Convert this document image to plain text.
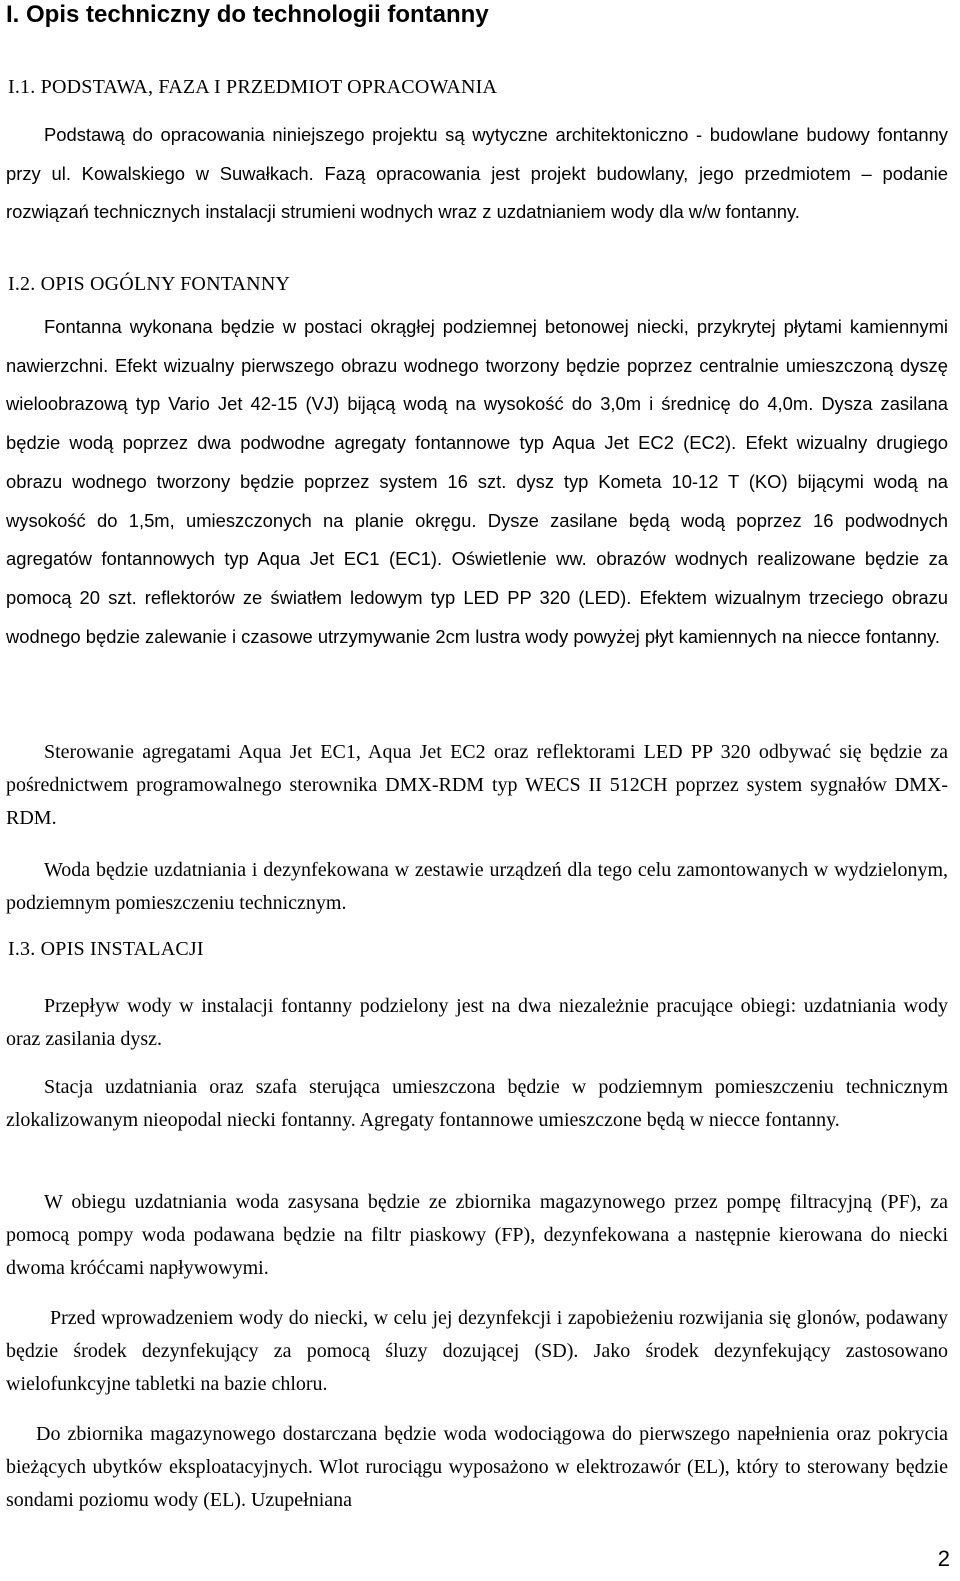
I. Opis techniczny do technologii fontanny
I.1. PODSTAWA, FAZA I PRZEDMIOT OPRACOWANIA

Podstawą do opracowania niniejszego projektu są wytyczne architektoniczno - budowlane budowy fontanny przy ul. Kowalskiego w Suwałkach. Fazą opracowania jest projekt budowlany, jego przedmiotem – podanie rozwiązań technicznych instalacji strumieni wodnych wraz z uzdatnianiem wody dla w/w fontanny.

I.2. OPIS OGÓLNY FONTANNY

Fontanna wykonana będzie w postaci okrągłej podziemnej betonowej niecki, przykrytej płytami kamiennymi nawierzchni. Efekt wizualny pierwszego obrazu wodnego tworzony będzie poprzez centralnie umieszczoną dyszę wieloobrazową typ Vario Jet 42-15 (VJ) bijącą wodą na wysokość do 3,0m i średnicę do 4,0m. Dysza zasilana będzie wodą poprzez dwa podwodne agregaty fontannowe typ Aqua Jet EC2 (EC2). Efekt wizualny drugiego obrazu wodnego tworzony będzie poprzez system 16 szt. dysz typ Kometa 10-12 T (KO) bijącymi wodą na wysokość do 1,5m, umieszczonych na planie okręgu. Dysze zasilane będą wodą poprzez 16 podwodnych agregatów fontannowych typ Aqua Jet EC1 (EC1). Oświetlenie ww. obrazów wodnych realizowane będzie za pomocą 20 szt. reflektorów ze światłem ledowym typ LED PP 320 (LED). Efektem wizualnym trzeciego obrazu wodnego będzie zalewanie i czasowe utrzymywanie 2cm lustra wody powyżej płyt kamiennych na niecce fontanny.

Sterowanie agregatami Aqua Jet EC1, Aqua Jet EC2 oraz reflektorami LED PP 320 odbywać się będzie za pośrednictwem programowalnego sterownika DMX-RDM typ WECS II 512CH poprzez system sygnałów DMX-RDM.

Woda będzie uzdatniania i dezynfekowana w zestawie urządzeń dla tego celu zamontowanych w wydzielonym, podziemnym pomieszczeniu technicznym.

I.3. OPIS INSTALACJI

Przepływ wody w instalacji fontanny podzielony jest na dwa niezależnie pracujące obiegi: uzdatniania wody oraz zasilania dysz.

Stacja uzdatniania oraz szafa sterująca umieszczona będzie w podziemnym pomieszczeniu technicznym zlokalizowanym nieopodal niecki fontanny. Agregaty fontannowe umieszczone będą w niecce fontanny.

W obiegu uzdatniania woda zasysana będzie ze zbiornika magazynowego przez pompę filtracyjną (PF), za pomocą pompy woda podawana będzie na filtr piaskowy (FP), dezynfekowana a następnie kierowana do niecki dwoma króćcami napływowymi.

Przed wprowadzeniem wody do niecki, w celu jej dezynfekcji i zapobieżeniu rozwijania się glonów, podawany będzie środek dezynfekujący za pomocą śluzy dozującej (SD). Jako środek dezynfekujący zastosowano wielofunkcyjne tabletki na bazie chloru.

Do zbiornika magazynowego dostarczana będzie woda wodociągowa do pierwszego napełnienia oraz pokrycia bieżących ubytków eksploatacyjnych. Wlot rurociągu wyposażono w elektrozawór (EL), który to sterowany będzie sondami poziomu wody (EL). Uzupełniana

2
